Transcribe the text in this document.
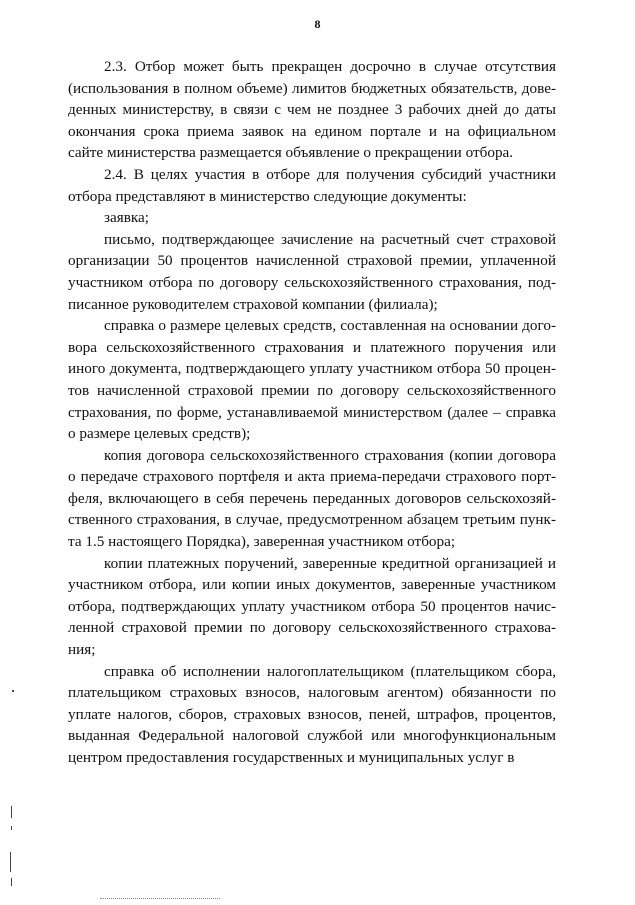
8

2.3. Отбор может быть прекращен досрочно в случае отсутствия (использования в полном объеме) лимитов бюджетных обязательств, доведенных министерству, в связи с чем не позднее 3 рабочих дней до даты окончания срока приема заявок на едином портале и на официальном сайте министерства размещается объявление о прекращении отбора.

2.4. В целях участия в отборе для получения субсидий участники отбора представляют в министерство следующие документы:

заявка;

письмо, подтверждающее зачисление на расчетный счет страховой организации 50 процентов начисленной страховой премии, уплаченной участником отбора по договору сельскохозяйственного страхования, подписанное руководителем страховой компании (филиала);

справка о размере целевых средств, составленная на основании договора сельскохозяйственного страхования и платежного поручения или иного документа, подтверждающего уплату участником отбора 50 процентов начисленной страховой премии по договору сельскохозяйственного страхования, по форме, устанавливаемой министерством (далее – справка о размере целевых средств);

копия договора сельскохозяйственного страхования (копии договора о передаче страхового портфеля и акта приема-передачи страхового портфеля, включающего в себя перечень переданных договоров сельскохозяйственного страхования, в случае, предусмотренном абзацем третьим пункта 1.5 настоящего Порядка), заверенная участником отбора;

копии платежных поручений, заверенные кредитной организацией и участником отбора, или копии иных документов, заверенные участником отбора, подтверждающих уплату участником отбора 50 процентов начисленной страховой премии по договору сельскохозяйственного страхования;

справка об исполнении налогоплательщиком (плательщиком сбора, плательщиком страховых взносов, налоговым агентом) обязанности по уплате налогов, сборов, страховых взносов, пеней, штрафов, процентов, выданная Федеральной налоговой службой или многофункциональным центром предоставления государственных и муниципальных услуг в
